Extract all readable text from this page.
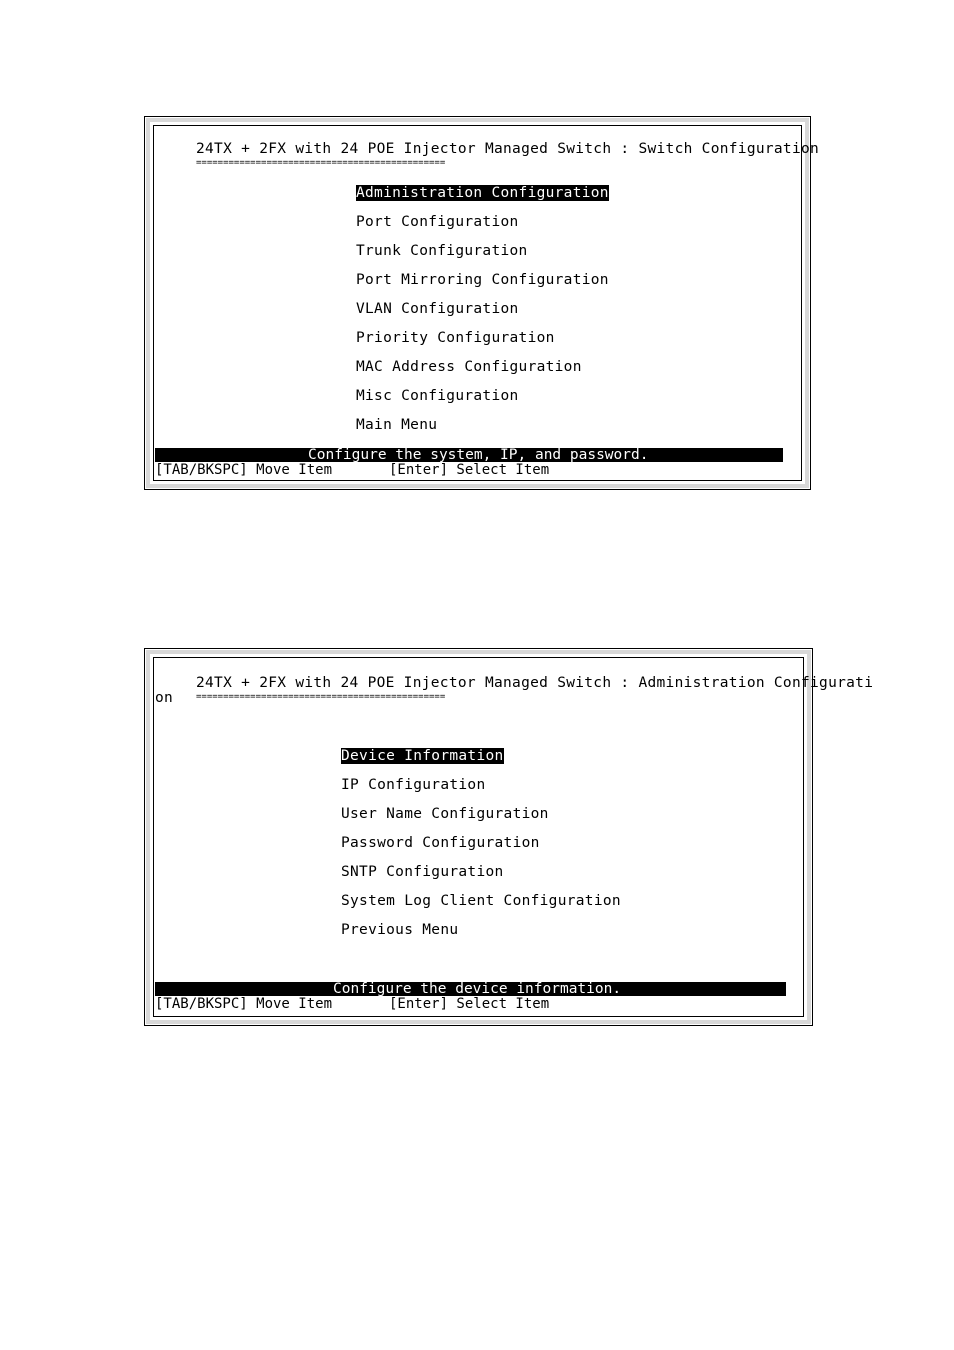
24TX + 2FX with 24 POE Injector Managed Switch : Switch Configuration
==============================================
Administration Configuration
Port Configuration
Trunk Configuration
Port Mirroring Configuration
VLAN Configuration
Priority Configuration
MAC Address Configuration
Misc Configuration
Main Menu

Configure the system, IP, and password._

[TAB/BKSPC] Move Item

	[Enter] Select Item

24TX + 2FX with 24 POE Injector Managed Switch : Administration Configurati
on	==============================================
Device Information
IP Configuration
User Name Configuration
Password Configuration
SNTP Configuration
System Log Client Configuration
Previous Menu

Configure the device information.

[TAB/BKSPC] Move Item

	[Enter] Select Item
